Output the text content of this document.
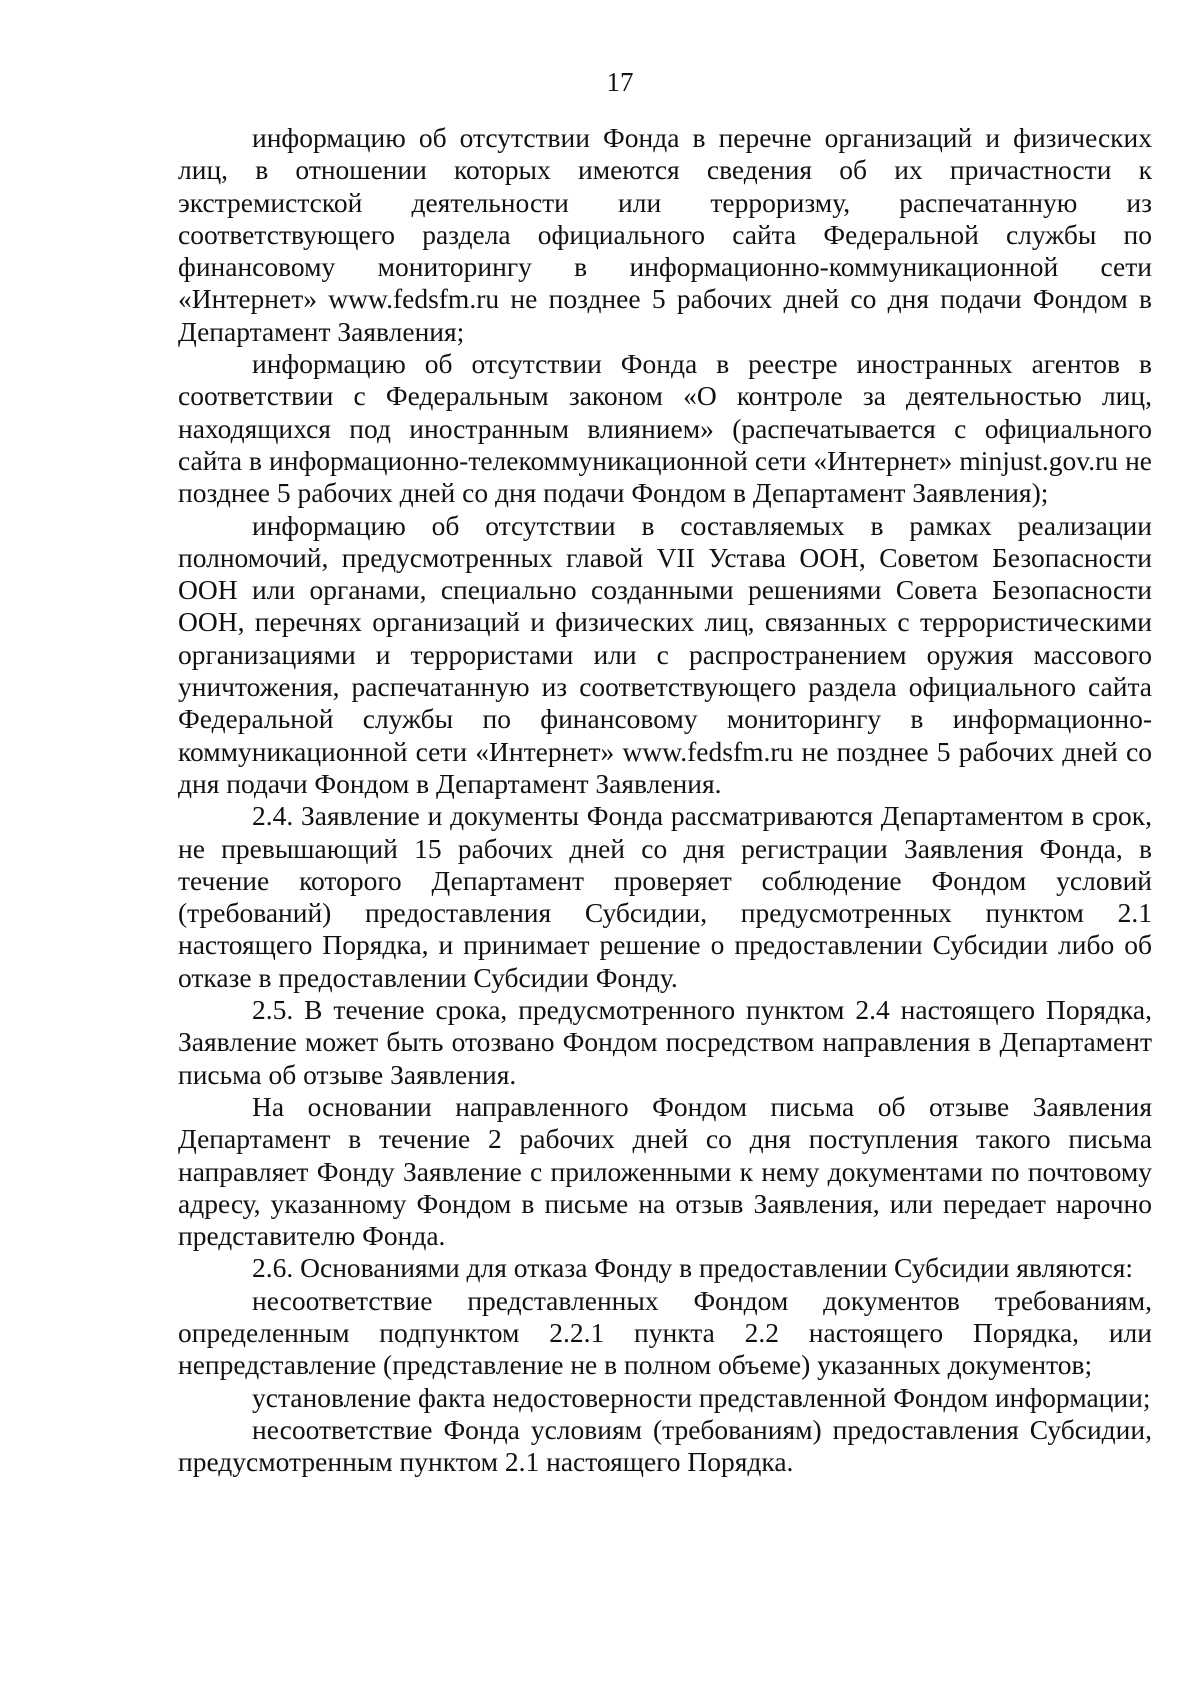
17

информацию об отсутствии Фонда в перечне организаций и физических лиц, в отношении которых имеются сведения об их причастности к экстремистской деятельности или терроризму, распечатанную из соответствующего раздела официального сайта Федеральной службы по финансовому мониторингу в информационно-коммуникационной сети «Интернет» www.fedsfm.ru не позднее 5 рабочих дней со дня подачи Фондом в Департамент Заявления;

информацию об отсутствии Фонда в реестре иностранных агентов в соответствии с Федеральным законом «О контроле за деятельностью лиц, находящихся под иностранным влиянием» (распечатывается с официального сайта в информационно-телекоммуникационной сети «Интернет» minjust.gov.ru не позднее 5 рабочих дней со дня подачи Фондом в Департамент Заявления);

информацию об отсутствии в составляемых в рамках реализации полномочий, предусмотренных главой VII Устава ООН, Советом Безопасности ООН или органами, специально созданными решениями Совета Безопасности ООН, перечнях организаций и физических лиц, связанных с террористическими организациями и террористами или с распространением оружия массового уничтожения, распечатанную из соответствующего раздела официального сайта Федеральной службы по финансовому мониторингу в информационно-коммуникационной сети «Интернет» www.fedsfm.ru не позднее 5 рабочих дней со дня подачи Фондом в Департамент Заявления.

2.4. Заявление и документы Фонда рассматриваются Департаментом в срок, не превышающий 15 рабочих дней со дня регистрации Заявления Фонда, в течение которого Департамент проверяет соблюдение Фондом условий (требований) предоставления Субсидии, предусмотренных пунктом 2.1 настоящего Порядка, и принимает решение о предоставлении Субсидии либо об отказе в предоставлении Субсидии Фонду.

2.5. В течение срока, предусмотренного пунктом 2.4 настоящего Порядка, Заявление может быть отозвано Фондом посредством направления в Департамент письма об отзыве Заявления.

На основании направленного Фондом письма об отзыве Заявления Департамент в течение 2 рабочих дней со дня поступления такого письма направляет Фонду Заявление с приложенными к нему документами по почтовому адресу, указанному Фондом в письме на отзыв Заявления, или передает нарочно представителю Фонда.

2.6. Основаниями для отказа Фонду в предоставлении Субсидии являются:

несоответствие представленных Фондом документов требованиям, определенным подпунктом 2.2.1 пункта 2.2 настоящего Порядка, или непредставление (представление не в полном объеме) указанных документов;

установление факта недостоверности представленной Фондом информации;

несоответствие Фонда условиям (требованиям) предоставления Субсидии, предусмотренным пунктом 2.1 настоящего Порядка.
